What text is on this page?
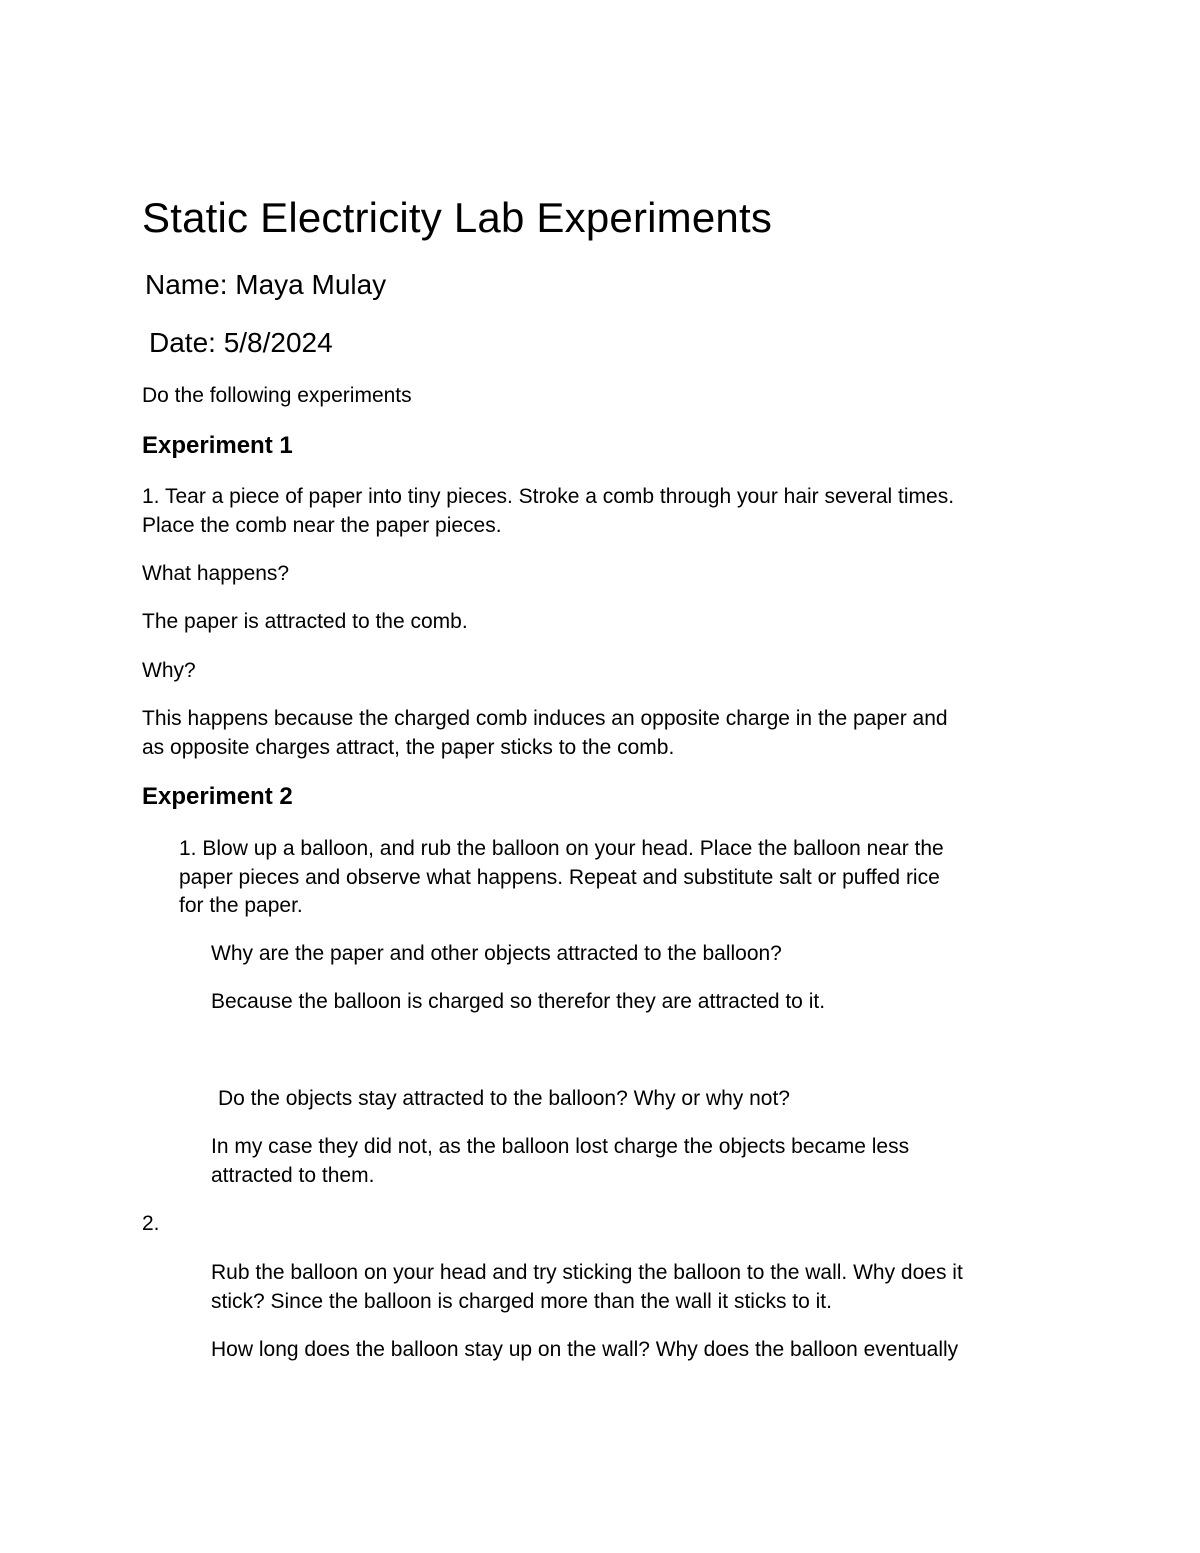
Static Electricity Lab Experiments
Name: Maya Mulay
Date: 5/8/2024
Do the following experiments
Experiment 1
1. Tear a piece of paper into tiny pieces. Stroke a comb through your hair several times.
Place the comb near the paper pieces.
What happens?
The paper is attracted to the comb.
Why?
This happens because the charged comb induces an opposite charge in the paper and
as opposite charges attract, the paper sticks to the comb.
Experiment 2
1. Blow up a balloon, and rub the balloon on your head. Place the balloon near the
paper pieces and observe what happens. Repeat and substitute salt or puffed rice
for the paper.
Why are the paper and other objects attracted to the balloon?
Because the balloon is charged so therefor they are attracted to it.
Do the objects stay attracted to the balloon? Why or why not?
In my case they did not, as the balloon lost charge the objects became less
attracted to them.
2.
Rub the balloon on your head and try sticking the balloon to the wall. Why does it
stick? Since the balloon is charged more than the wall it sticks to it.
How long does the balloon stay up on the wall? Why does the balloon eventually
